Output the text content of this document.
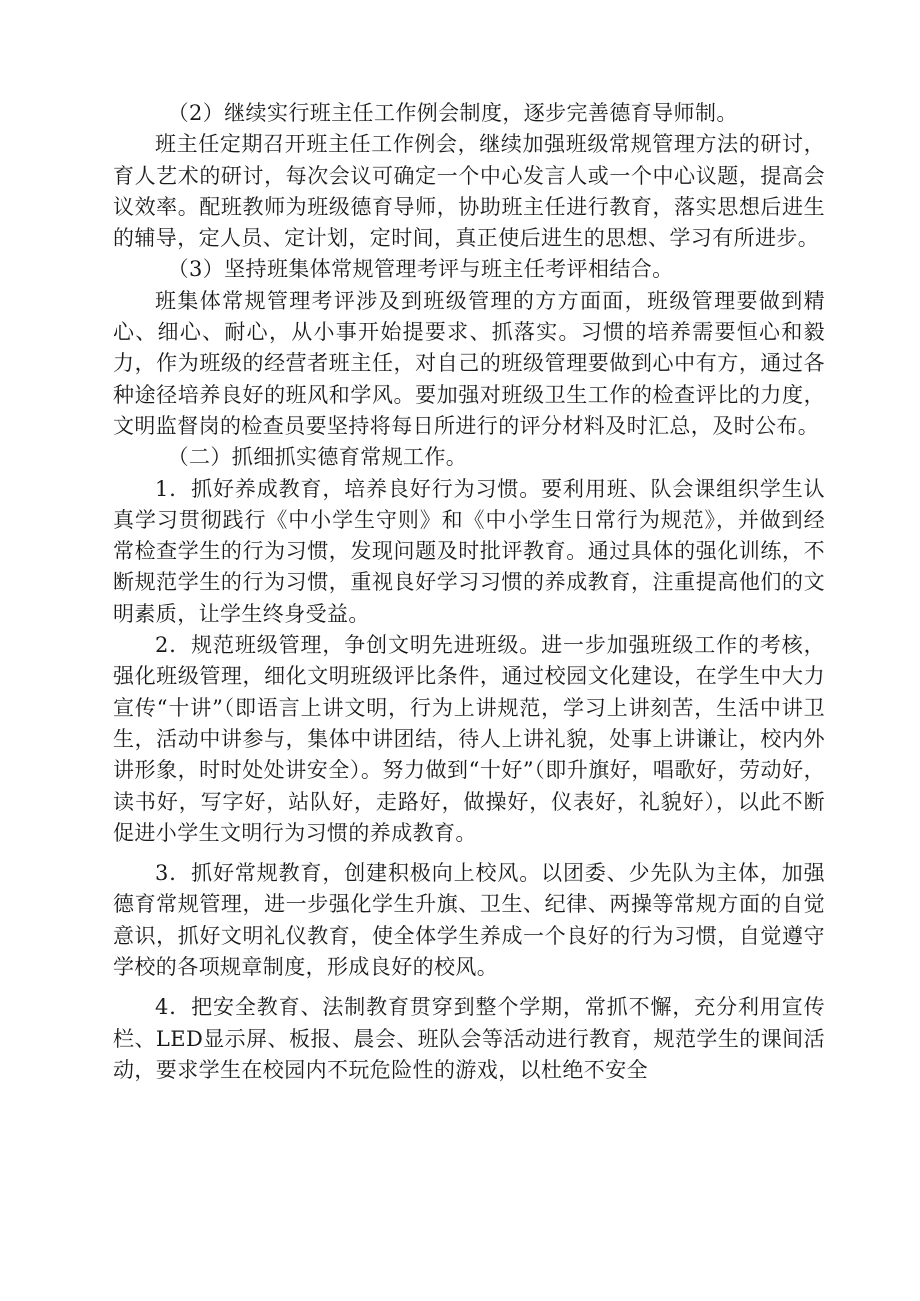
（2）继续实行班主任工作例会制度，逐步完善德育导师制。

班主任定期召开班主任工作例会，继续加强班级常规管理方法的研讨，育人艺术的研讨，每次会议可确定一个中心发言人或一个中心议题，提高会议效率。配班教师为班级德育导师，协助班主任进行教育，落实思想后进生的辅导，定人员、定计划，定时间，真正使后进生的思想、学习有所进步。

（3）坚持班集体常规管理考评与班主任考评相结合。

班集体常规管理考评涉及到班级管理的方方面面，班级管理要做到精心、细心、耐心，从小事开始提要求、抓落实。习惯的培养需要恒心和毅力，作为班级的经营者班主任，对自己的班级管理要做到心中有方，通过各种途径培养良好的班风和学风。要加强对班级卫生工作的检查评比的力度，文明监督岗的检查员要坚持将每日所进行的评分材料及时汇总，及时公布。

（二）抓细抓实德育常规工作。

1．抓好养成教育，培养良好行为习惯。要利用班、队会课组织学生认真学习贯彻践行《中小学生守则》和《中小学生日常行为规范》，并做到经常检查学生的行为习惯，发现问题及时批评教育。通过具体的强化训练，不断规范学生的行为习惯，重视良好学习习惯的养成教育，注重提高他们的文明素质，让学生终身受益。

2．规范班级管理，争创文明先进班级。进一步加强班级工作的考核，强化班级管理，细化文明班级评比条件，通过校园文化建设，在学生中大力宣传“十讲”（即语言上讲文明，行为上讲规范，学习上讲刻苦，生活中讲卫生，活动中讲参与，集体中讲团结，待人上讲礼貌，处事上讲谦让，校内外讲形象，时时处处讲安全）。努力做到“十好”（即升旗好，唱歌好，劳动好，读书好，写字好，站队好，走路好，做操好，仪表好，礼貌好），以此不断促进小学生文明行为习惯的养成教育。

3．抓好常规教育，创建积极向上校风。以团委、少先队为主体，加强德育常规管理，进一步强化学生升旗、卫生、纪律、两操等常规方面的自觉意识，抓好文明礼仪教育，使全体学生养成一个良好的行为习惯，自觉遵守学校的各项规章制度，形成良好的校风。

4．把安全教育、法制教育贯穿到整个学期，常抓不懈，充分利用宣传栏、LED显示屏、板报、晨会、班队会等活动进行教育，规范学生的课间活动，要求学生在校园内不玩危险性的游戏，以杜绝不安全
